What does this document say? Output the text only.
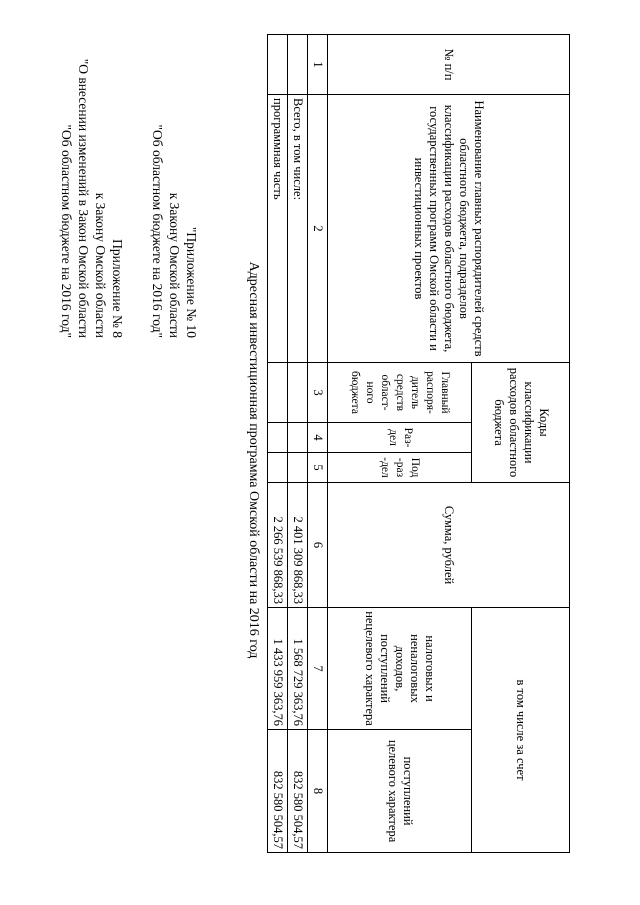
Приложение № 8
к Закону Омской области
"О внесении изменений в Закон Омской области
"Об областном бюджете на 2016 год"	"Приложение № 10
к Закону Омской области
"Об областном бюджете на 2016 год"
Адресная инвестиционная программа Омской области на 2016 год
№ п/п	Наименование главных распорядителей средств областного бюджета, подразделов классификации расходов областного бюджета, государственных программ Омской области и инвестиционных проектов	Коды классификации расходов областного бюджета			Сумма, рублей	в том числе за счет	
		Главный распоря-дитель средств област-ного бюджета	Раз-дел	Под-раз-дел		налоговых и неналоговых доходов, поступлений нецелевого характера	поступлений целевого характера

1	2	3	4	5	6	7	8
	Всего, в том числе:				2 401 309 868,33	1 568 729 363,76	832 580 504,57
	программная часть				2 266 539 868,33	1 433 959 363,76	832 580 504,57
